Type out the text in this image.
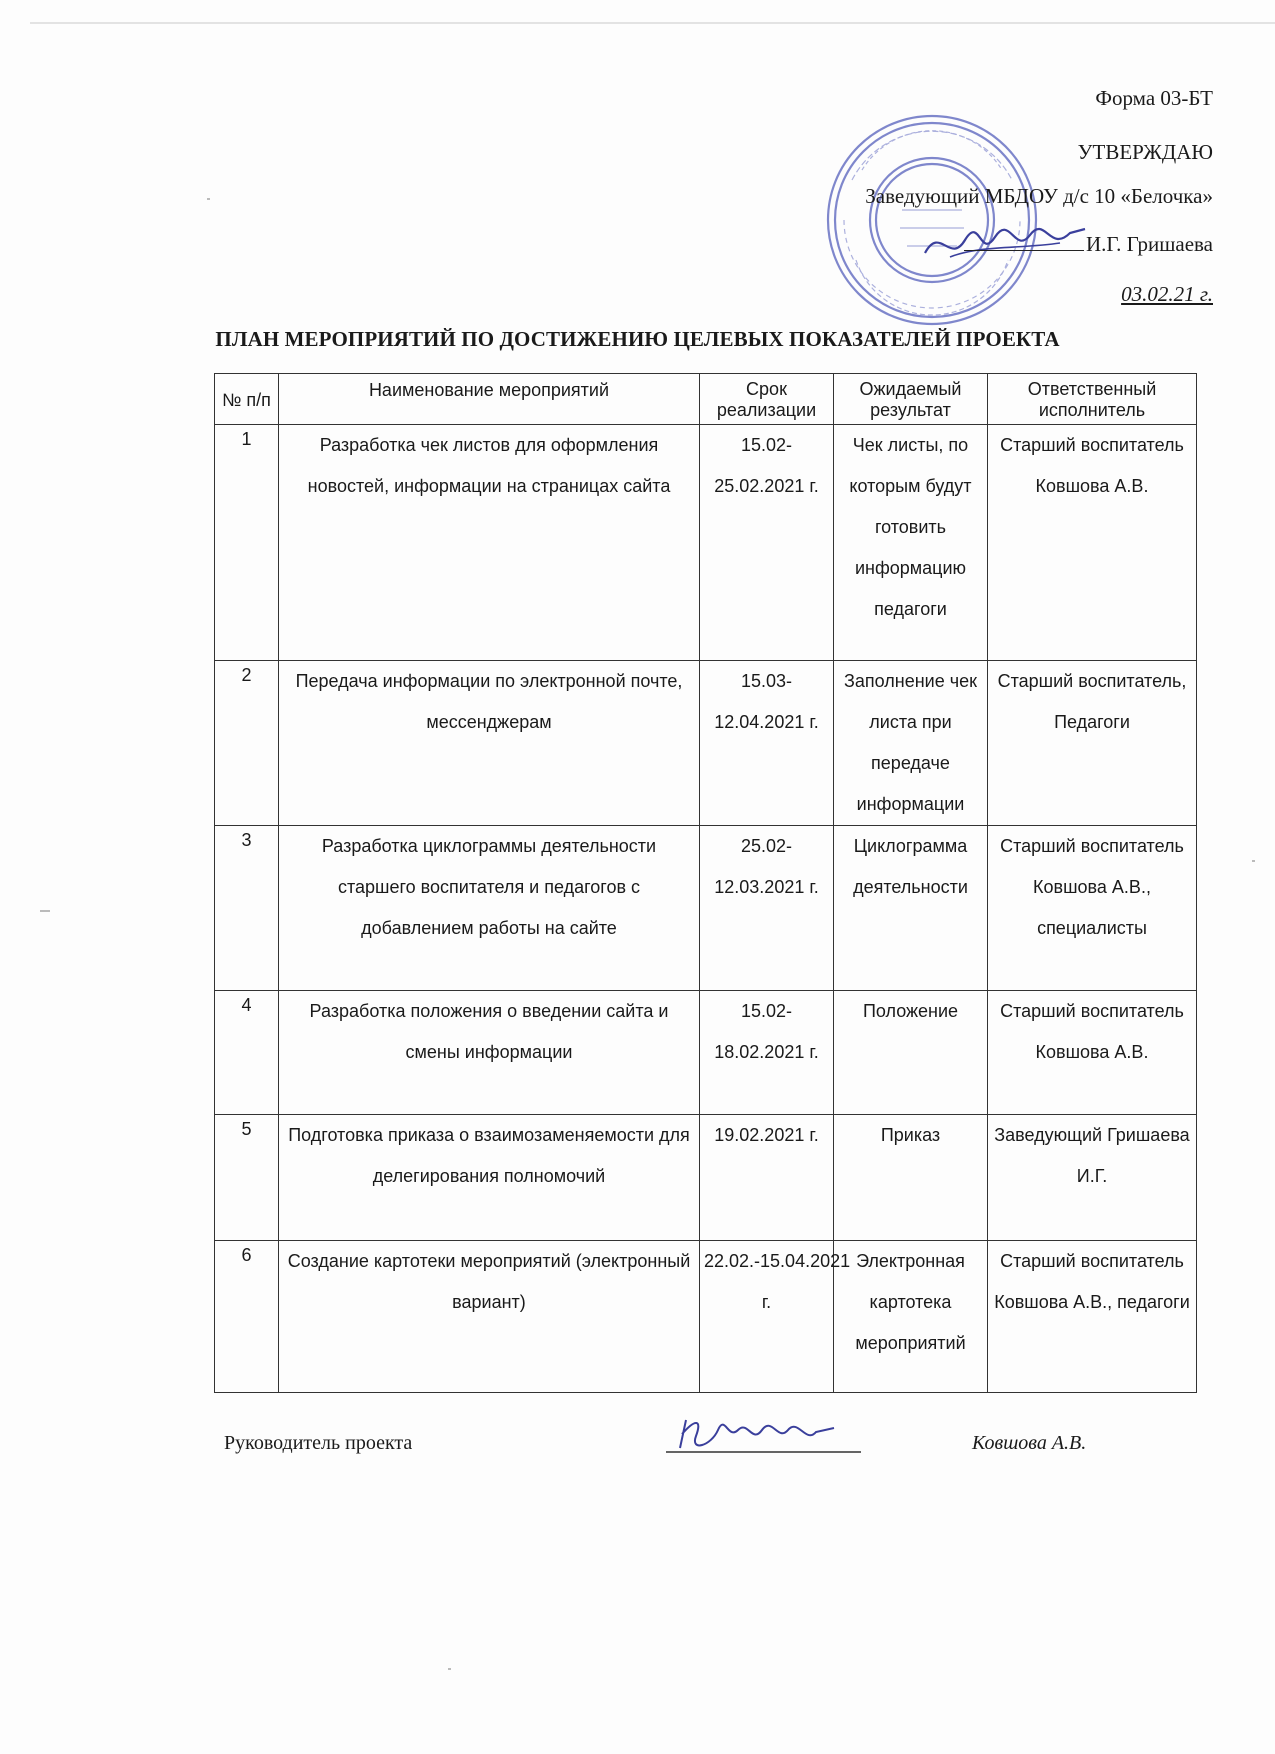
Форма 03-БТ
УТВЕРЖДАЮ
Заведующий МБДОУ д/с 10 «Белочка»
И.Г. Гришаева
03.02.21 г.
ПЛАН МЕРОПРИЯТИЙ ПО ДОСТИЖЕНИЮ ЦЕЛЕВЫХ ПОКАЗАТЕЛЕЙ ПРОЕКТА
№ п/п	Наименование мероприятий	Срок реализации	Ожидаемый результат	Ответственный исполнитель
1	Разработка чек листов для оформления новостей, информации на страницах сайта	15.02-25.02.2021 г.	Чек листы, по которым будут готовить информацию педагоги	Старший воспитатель Ковшова А.В.
2	Передача информации по электронной почте, мессенджерам	15.03-12.04.2021 г.	Заполнение чек листа при передаче информации	Старший воспитатель, Педагоги
3	Разработка циклограммы деятельности старшего воспитателя и педагогов с добавлением работы на сайте	25.02-12.03.2021 г.	Циклограмма деятельности	Старший воспитатель Ковшова А.В., специалисты
4	Разработка положения о введении сайта и смены информации	15.02-18.02.2021 г.	Положение	Старший воспитатель Ковшова А.В.
5	Подготовка приказа о взаимозаменяемости для делегирования полномочий	19.02.2021 г.	Приказ	Заведующий Гришаева И.Г.
6	Создание картотеки мероприятий (электронный вариант)	22.02.-15.04.2021 г.	Электронная картотека мероприятий	Старший воспитатель Ковшова А.В., педагоги
Руководитель проекта	Ковшова А.В.
